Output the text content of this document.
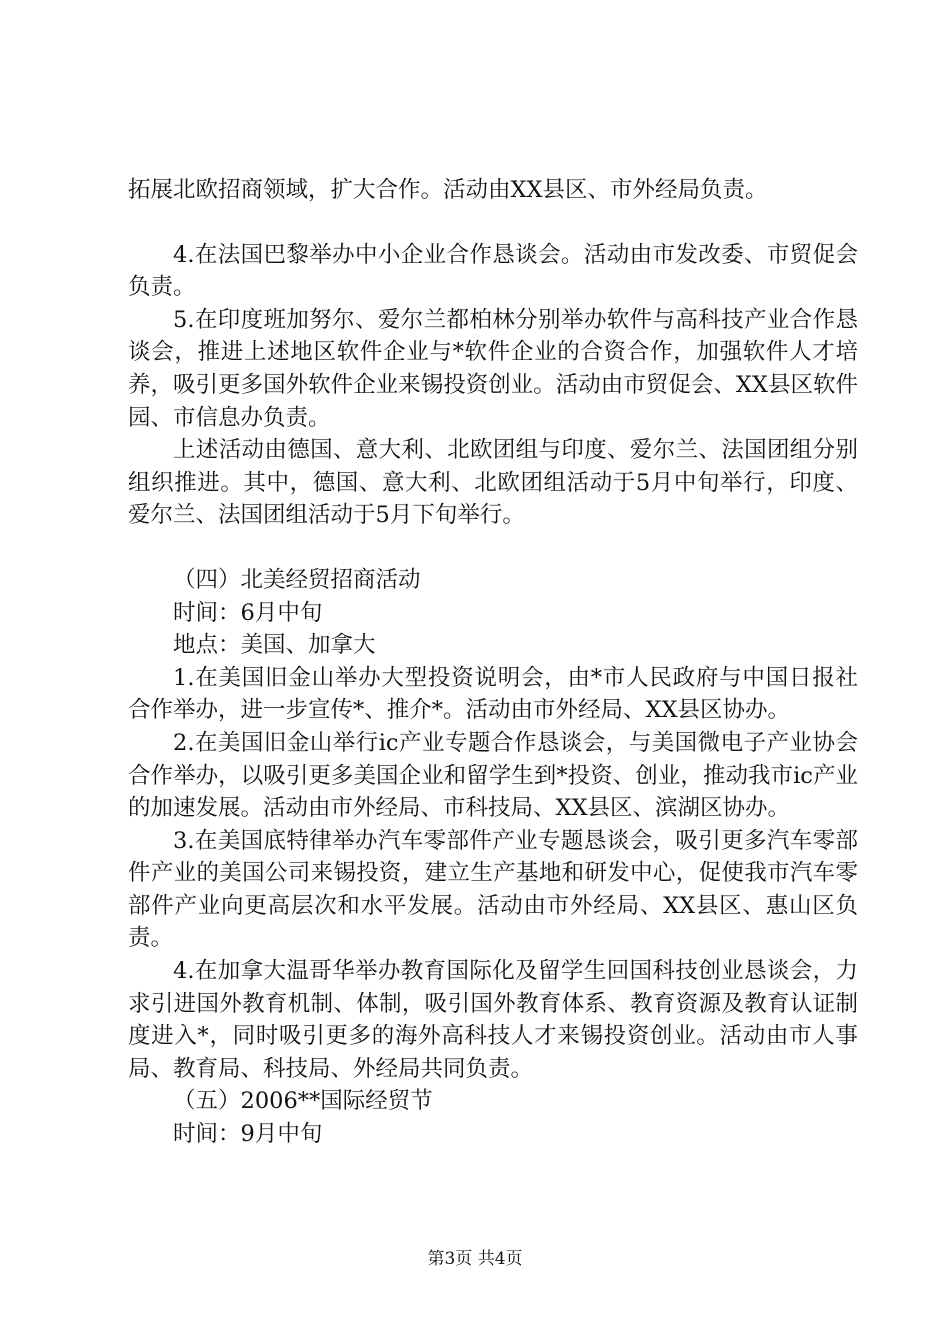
拓展北欧招商领域，扩大合作。活动由XX县区、市外经局负责。

4.在法国巴黎举办中小企业合作恳谈会。活动由市发改委、市贸促会负责。

5.在印度班加努尔、爱尔兰都柏林分别举办软件与高科技产业合作恳谈会，推进上述地区软件企业与*软件企业的合资合作，加强软件人才培养，吸引更多国外软件企业来锡投资创业。活动由市贸促会、XX县区软件园、市信息办负责。

上述活动由德国、意大利、北欧团组与印度、爱尔兰、法国团组分别组织推进。其中，德国、意大利、北欧团组活动于5月中旬举行，印度、爱尔兰、法国团组活动于5月下旬举行。

（四）北美经贸招商活动

时间：6月中旬

地点：美国、加拿大

1.在美国旧金山举办大型投资说明会，由*市人民政府与中国日报社合作举办，进一步宣传*、推介*。活动由市外经局、XX县区协办。

2.在美国旧金山举行ic产业专题合作恳谈会，与美国微电子产业协会合作举办，以吸引更多美国企业和留学生到*投资、创业，推动我市ic产业的加速发展。活动由市外经局、市科技局、XX县区、滨湖区协办。

3.在美国底特律举办汽车零部件产业专题恳谈会，吸引更多汽车零部件产业的美国公司来锡投资，建立生产基地和研发中心，促使我市汽车零部件产业向更高层次和水平发展。活动由市外经局、XX县区、惠山区负责。

4.在加拿大温哥华举办教育国际化及留学生回国科技创业恳谈会，力求引进国外教育机制、体制，吸引国外教育体系、教育资源及教育认证制度进入*，同时吸引更多的海外高科技人才来锡投资创业。活动由市人事局、教育局、科技局、外经局共同负责。

（五）2006**国际经贸节

时间：9月中旬

第3页 共4页
